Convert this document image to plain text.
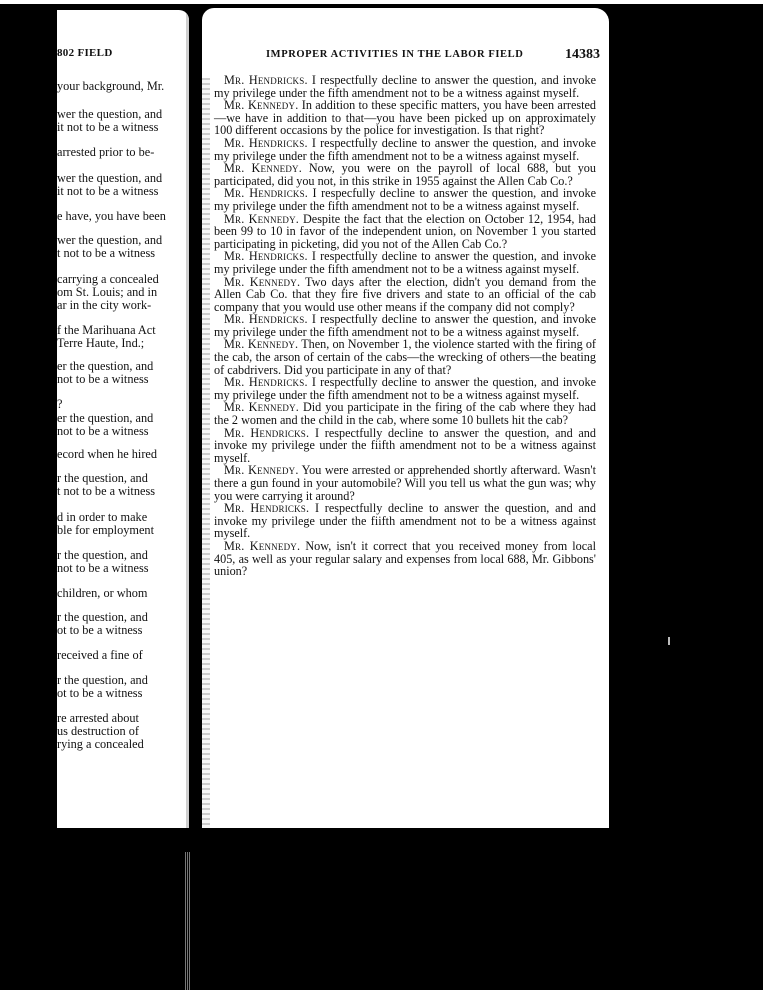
802 FIELD
your background, Mr.
wer the question, and
it not to be a witness
arrested prior to be-
wer the question, and
it not to be a witness
e have, you have been
wer the question, and
t not to be a witness
carrying a concealed
om St. Louis; and in
ar in the city work-
f the Marihuana Act
Terre Haute, Ind.;
er the question, and
not to be a witness
?
er the question, and
not to be a witness
ecord when he hired
r the question, and
t not to be a witness
d in order to make
ble for employment
r the question, and
not to be a witness
children, or whom
r the question, and
ot to be a witness
received a fine of
r the question, and
ot to be a witness
re arrested about
us destruction of
rying a concealed
IMPROPER ACTIVITIES IN THE LABOR FIELD	14383

Mr. Hendricks. I respectfully decline to answer the question, and invoke my privilege under the fifth amendment not to be a witness against myself.

Mr. Kennedy. In addition to these specific matters, you have been arrested—we have in addition to that—you have been picked up on approximately 100 different occasions by the police for investigation. Is that right?

Mr. Hendricks. I respectfully decline to answer the question, and invoke my privilege under the fifth amendment not to be a witness against myself.

Mr. Kennedy. Now, you were on the payroll of local 688, but you participated, did you not, in this strike in 1955 against the Allen Cab Co.?

Mr. Hendricks. I respecfully decline to answer the question, and invoke my privilege under the fifth amendment not to be a witness against myself.

Mr. Kennedy. Despite the fact that the election on October 12, 1954, had been 99 to 10 in favor of the independent union, on November 1 you started participating in picketing, did you not of the Allen Cab Co.?

Mr. Hendricks. I respectfully decline to answer the question, and invoke my privilege under the fifth amendment not to be a witness against myself.

Mr. Kennedy. Two days after the election, didn't you demand from the Allen Cab Co. that they fire five drivers and state to an official of the cab company that you would use other means if the company did not comply?

Mr. Hendricks. I respectfully decline to answer the question, and invoke my privilege under the fifth amendment not to be a witness against myself.

Mr. Kennedy. Then, on November 1, the violence started with the firing of the cab, the arson of certain of the cabs—the wrecking of others—the beating of cabdrivers. Did you participate in any of that?

Mr. Hendricks. I respectfully decline to answer the question, and invoke my privilege under the fifth amendment not to be a witness against myself.

Mr. Kennedy. Did you participate in the firing of the cab where they had the 2 women and the child in the cab, where some 10 bullets hit the cab?

Mr. Hendricks. I respectfully decline to answer the question, and and invoke my privilege under the fiifth amendment not to be a witness against myself.

Mr. Kennedy. You were arrested or apprehended shortly afterward. Wasn't there a gun found in your automobile? Will you tell us what the gun was; why you were carrying it around?

Mr. Hendricks. I respectfully decline to answer the question, and and invoke my privilege under the fiifth amendment not to be a witness against myself.

Mr. Kennedy. Now, isn't it correct that you received money from local 405, as well as your regular salary and expenses from local 688, Mr. Gibbons' union?
